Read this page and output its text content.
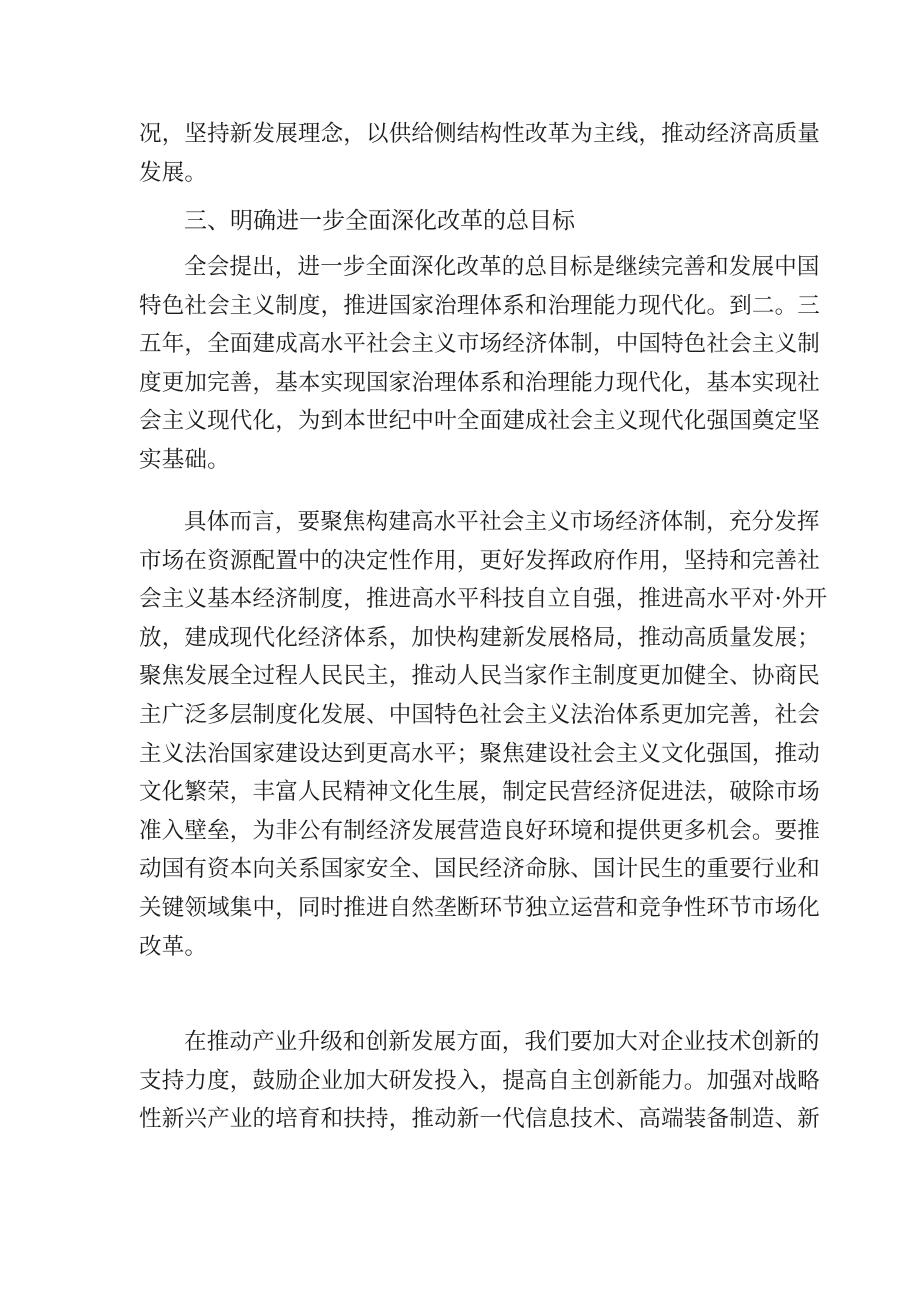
况，坚持新发展理念，以供给侧结构性改革为主线，推动经济高质量
发展。
三、明确进一步全面深化改革的总目标
全会提出，进一步全面深化改革的总目标是继续完善和发展中国
特色社会主义制度，推进国家治理体系和治理能力现代化。到二。三
五年，全面建成高水平社会主义市场经济体制，中国特色社会主义制
度更加完善，基本实现国家治理体系和治理能力现代化，基本实现社
会主义现代化，为到本世纪中叶全面建成社会主义现代化强国奠定坚
实基础。
具体而言，要聚焦构建高水平社会主义市场经济体制，充分发挥
市场在资源配置中的决定性作用，更好发挥政府作用，坚持和完善社
会主义基本经济制度，推进高水平科技自立自强，推进高水平对·外开
放，建成现代化经济体系，加快构建新发展格局，推动高质量发展；
聚焦发展全过程人民民主，推动人民当家作主制度更加健全、协商民
主广泛多层制度化发展、中国特色社会主义法治体系更加完善，社会
主义法治国家建设达到更高水平；聚焦建设社会主义文化强国，推动
文化繁荣，丰富人民精神文化生展，制定民营经济促进法，破除市场
准入壁垒，为非公有制经济发展营造良好环境和提供更多机会。要推
动国有资本向关系国家安全、国民经济命脉、国计民生的重要行业和
关键领域集中，同时推进自然垄断环节独立运营和竞争性环节市场化
改革。
在推动产业升级和创新发展方面，我们要加大对企业技术创新的
支持力度，鼓励企业加大研发投入，提高自主创新能力。加强对战略
性新兴产业的培育和扶持，推动新一代信息技术、高端装备制造、新
